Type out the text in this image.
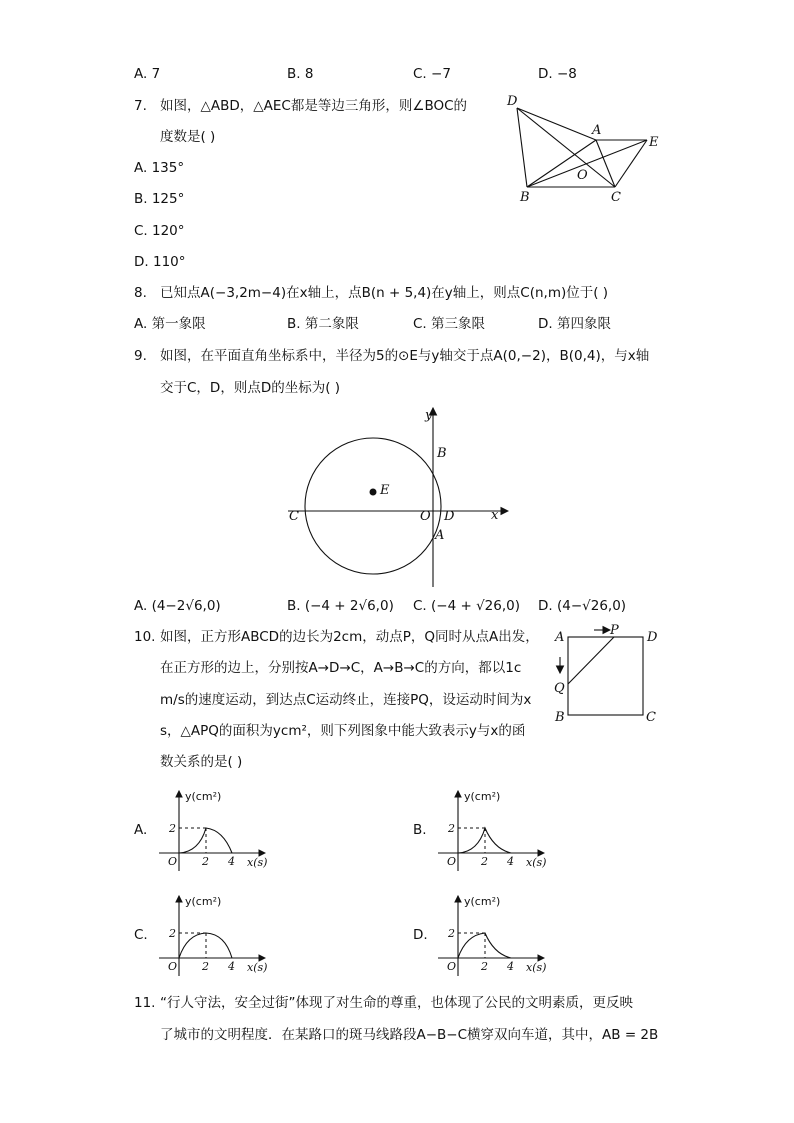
A. 7	B. 8	C. −7	D. −8
7. 如图，△ABD，△AEC都是等边三角形，则∠BOC的
度数是( )
A. 135°
B. 125°
C. 120°
D. 110°
D
A
E
O
B	C
8. 已知点A(−3,2m−4)在x轴上，点B(n + 5,4)在y轴上，则点C(n,m)位于( )
A. 第一象限	B. 第二象限	C. 第三象限	D. 第四象限
9. 如图，在平面直角坐标系中，半径为5的⊙E与y轴交于点A(0,−2)，B(0,4)，与x轴
交于C，D，则点D的坐标为( )
y
x
B
E
C	O D
A
A. (4−2√6,0)	B. (−4 + 2√6,0) C. (−4 + √26,0) D. (4−√26,0)
10. 如图，正方形ABCD的边长为2cm，动点P，Q同时从点A出发，
在正方形的边上，分别按A→D→C，A→B→C的方向，都以1c
m/s的速度运动，到达点C运动终止，连接PQ，设运动时间为x
s，△APQ的面积为ycm²，则下列图象中能大致表示y与x的函
数关系的是( )
A	P D
Q
B	C
A.	B.
C.	D.
y(cm²)
2
O 2 4 x(s)
y(cm²)
2
O 2 4 x(s)
y(cm²)
2
O 2 4 x(s)
y(cm²)
2
O 2 4 x(s)
11. “行人守法，安全过街”体现了对生命的尊重，也体现了公民的文明素质，更反映
了城市的文明程度．在某路口的斑马线路段A−B−C横穿双向车道，其中，AB = 2B
